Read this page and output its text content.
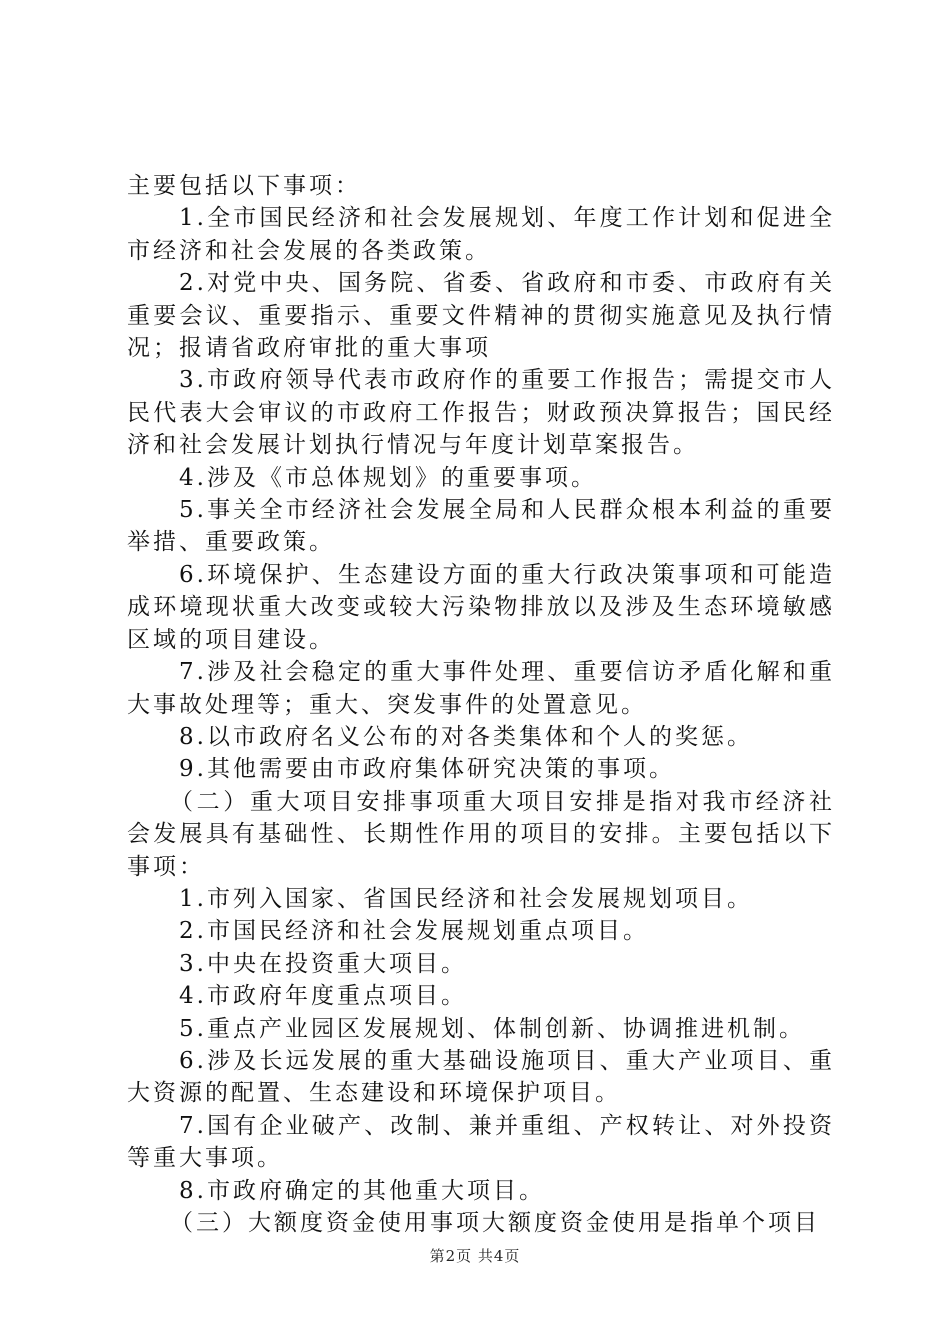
主要包括以下事项：

1.全市国民经济和社会发展规划、年度工作计划和促进全市经济和社会发展的各类政策。

2.对党中央、国务院、省委、省政府和市委、市政府有关重要会议、重要指示、重要文件精神的贯彻实施意见及执行情况；报请省政府审批的重大事项

3.市政府领导代表市政府作的重要工作报告；需提交市人民代表大会审议的市政府工作报告；财政预决算报告；国民经济和社会发展计划执行情况与年度计划草案报告。

4.涉及《市总体规划》的重要事项。

5.事关全市经济社会发展全局和人民群众根本利益的重要举措、重要政策。

6.环境保护、生态建设方面的重大行政决策事项和可能造成环境现状重大改变或较大污染物排放以及涉及生态环境敏感区域的项目建设。

7.涉及社会稳定的重大事件处理、重要信访矛盾化解和重大事故处理等；重大、突发事件的处置意见。

8.以市政府名义公布的对各类集体和个人的奖惩。

9.其他需要由市政府集体研究决策的事项。

（二）重大项目安排事项重大项目安排是指对我市经济社会发展具有基础性、长期性作用的项目的安排。主要包括以下事项：

1.市列入国家、省国民经济和社会发展规划项目。

2.市国民经济和社会发展规划重点项目。

3.中央在投资重大项目。

4.市政府年度重点项目。

5.重点产业园区发展规划、体制创新、协调推进机制。

6.涉及长远发展的重大基础设施项目、重大产业项目、重大资源的配置、生态建设和环境保护项目。

7.国有企业破产、改制、兼并重组、产权转让、对外投资等重大事项。

8.市政府确定的其他重大项目。

（三）大额度资金使用事项大额度资金使用是指单个项目

第2页 共4页
